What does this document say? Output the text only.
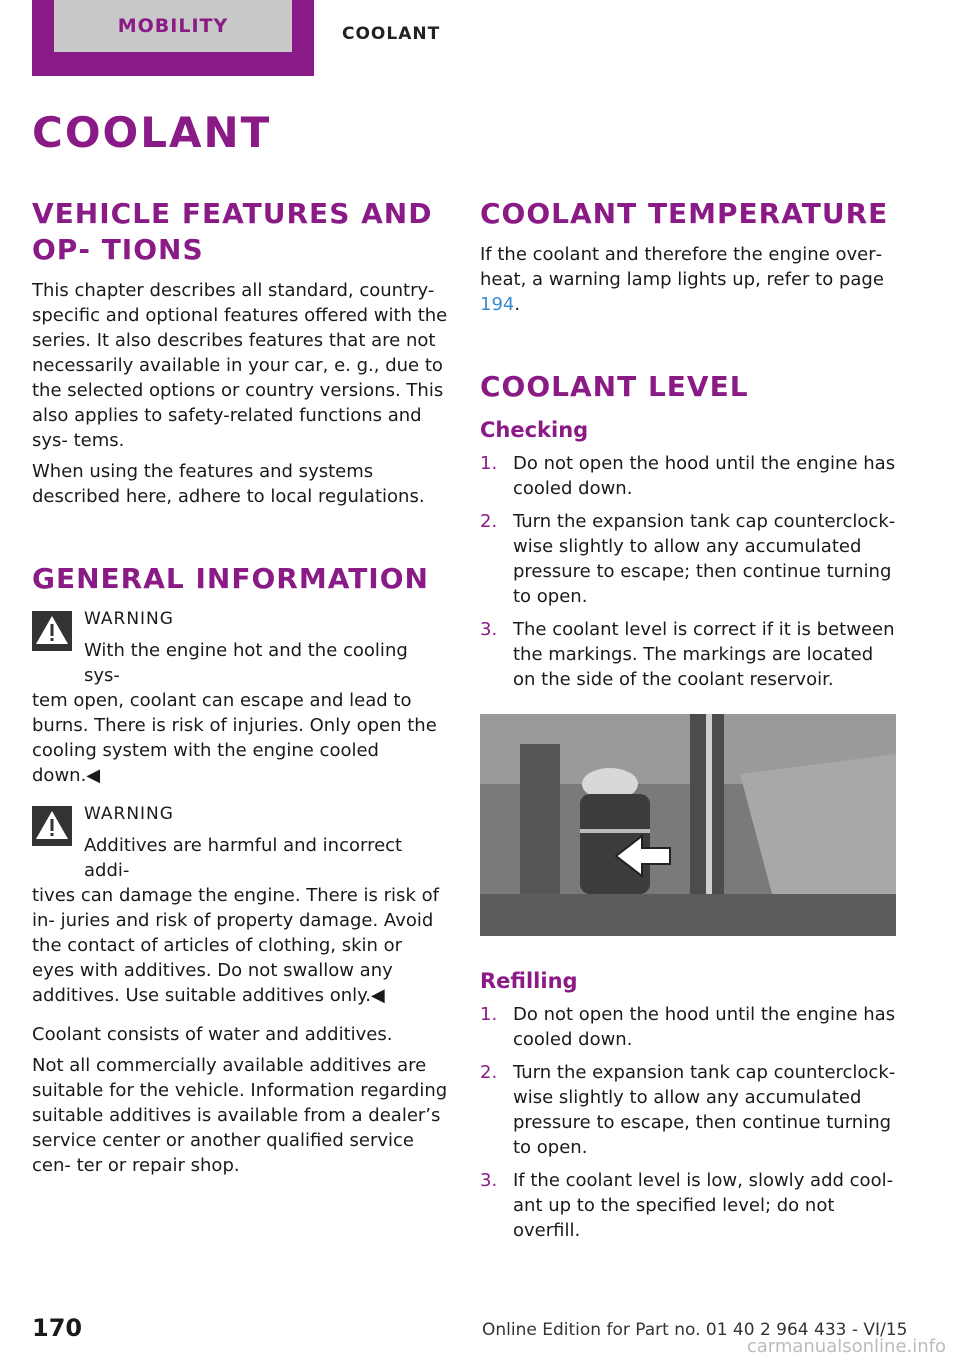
MOBILITY	COOLANT
COOLANT
VEHICLE FEATURES AND OP‐ TIONS

This chapter describes all standard, country-specific and optional features offered with the series. It also describes features that are not necessarily available in your car, e. g., due to the selected options or country versions. This also applies to safety-related functions and sys‐ tems.

When using the features and systems described here, adhere to local regulations.

GENERAL INFORMATION

WARNING

With the engine hot and the cooling sys‐
tem open, coolant can escape and lead to burns. There is risk of injuries. Only open the cooling system with the engine cooled down.◀

WARNING

Additives are harmful and incorrect addi‐
tives can damage the engine. There is risk of in‐ juries and risk of property damage. Avoid the contact of articles of clothing, skin or eyes with additives. Do not swallow any additives. Use suitable additives only.◀

Coolant consists of water and additives.

Not all commercially available additives are suitable for the vehicle. Information regarding suitable additives is available from a dealer’s service center or another qualified service cen‐ ter or repair shop.

COOLANT TEMPERATURE

If the coolant and therefore the engine over‐ heat, a warning lamp lights up, refer to page 194.

COOLANT LEVEL
Checking
1. Do not open the hood until the engine has cooled down.
2. Turn the expansion tank cap counterclock‐ wise slightly to allow any accumulated pressure to escape; then continue turning to open.
3. The coolant level is correct if it is between the markings. The markings are located on the side of the coolant reservoir.
Refilling
1. Do not open the hood until the engine has cooled down.
2. Turn the expansion tank cap counterclock‐ wise slightly to allow any accumulated pressure to escape, then continue turning to open.
3. If the coolant level is low, slowly add cool‐ ant up to the specified level; do not overfill.
170	Online Edition for Part no. 01 40 2 964 433 - VI/15
carmanualsonline.info
